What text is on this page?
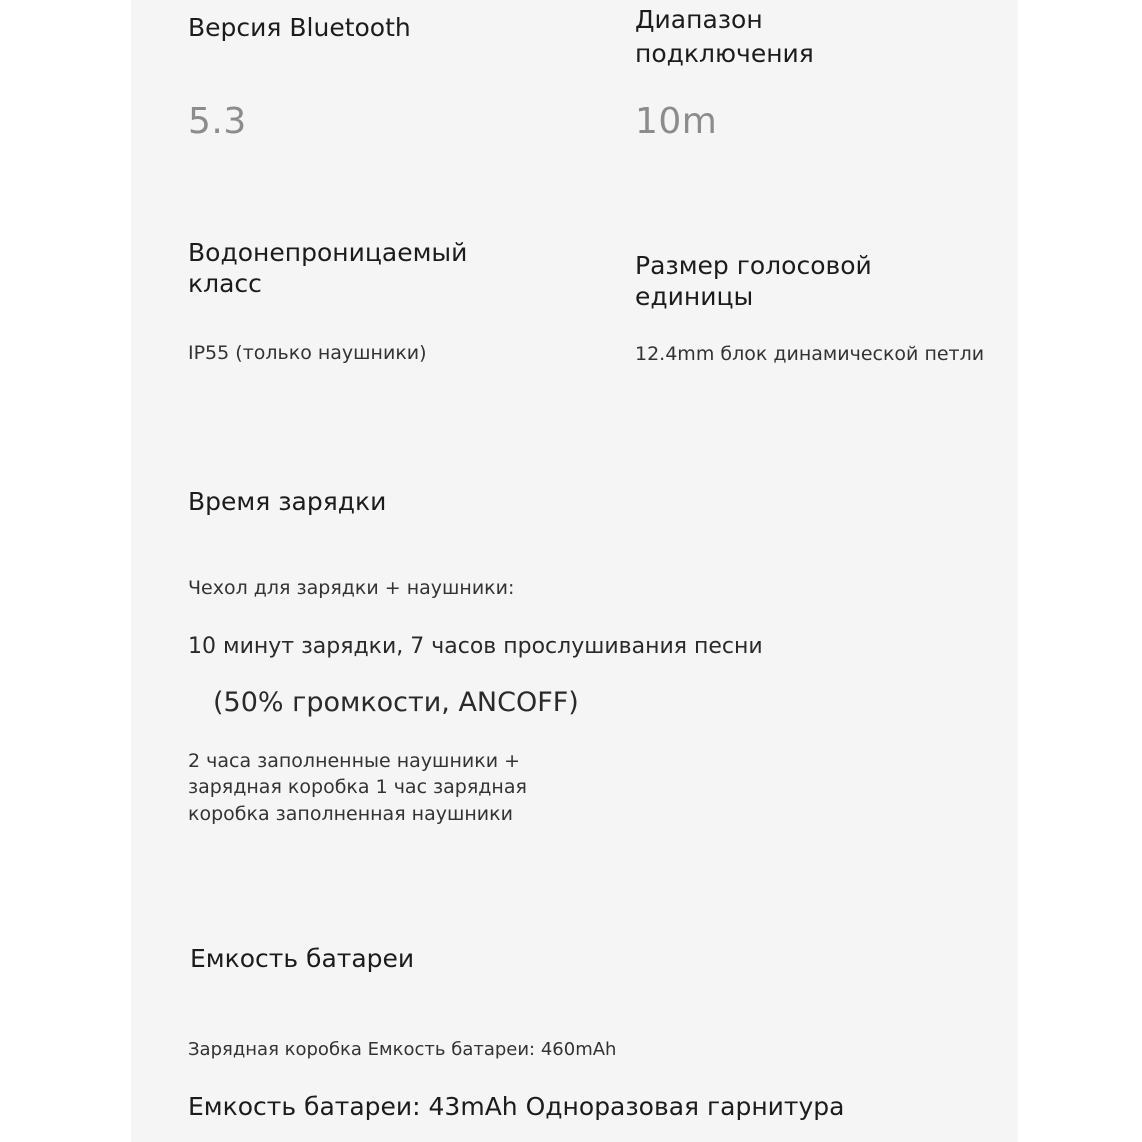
Версия Bluetooth

5.3

Диапазон

подключения

10m

Водонепроницаемый

класс

IP55 (только наушники)

Размер голосовой

единицы

12.4mm блок динамической петли

Время зарядки

Чехол для зарядки + наушники:

10 минут зарядки, 7 часов прослушивания песни

(50% громкости, ANCOFF)

2 часа заполненные наушники +

зарядная коробка 1 час зарядная

коробка заполненная наушники

Емкость батареи

Зарядная коробка Емкость батареи: 460mAh

Емкость батареи: 43mAh Одноразовая гарнитура
